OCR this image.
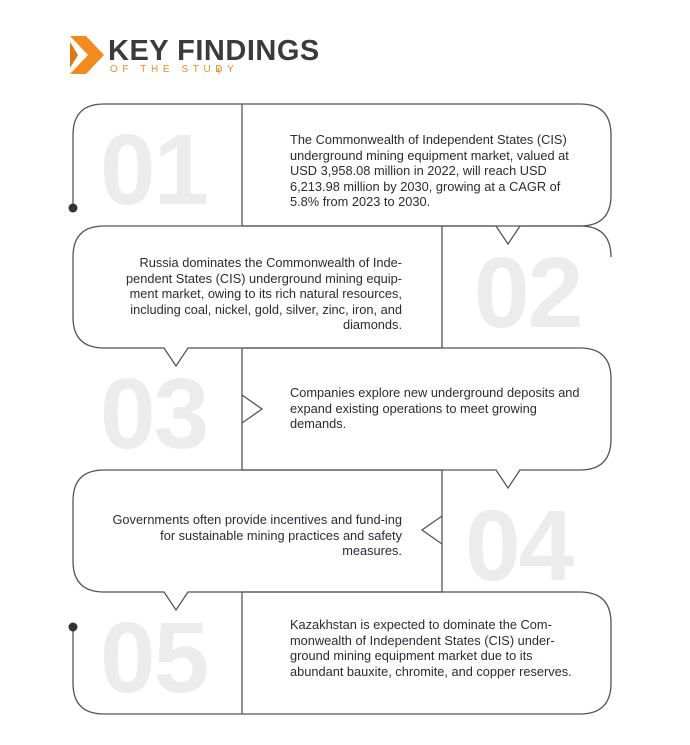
KEY FINDINGS
OF THE STUDY
01	The Commonwealth of Independent States (CIS) underground mining equipment market, valued at USD 3,958.08 million in 2022, will reach USD 6,213.98 million by 2030, growing at a CAGR of 5.8% from 2023 to 2030.
02
Russia dominates the Commonwealth of Inde-pendent States (CIS) underground mining equip-ment market, owing to its rich natural resources, including coal, nickel, gold, silver, zinc, iron, and diamonds.
03	Companies explore new underground deposits and expand existing operations to meet growing demands.
04
Governments often provide incentives and fund-ing for sustainable mining practices and safety measures.
05	Kazakhstan is expected to dominate the Com-monwealth of Independent States (CIS) under-ground mining equipment market due to its abundant bauxite, chromite, and copper reserves.
